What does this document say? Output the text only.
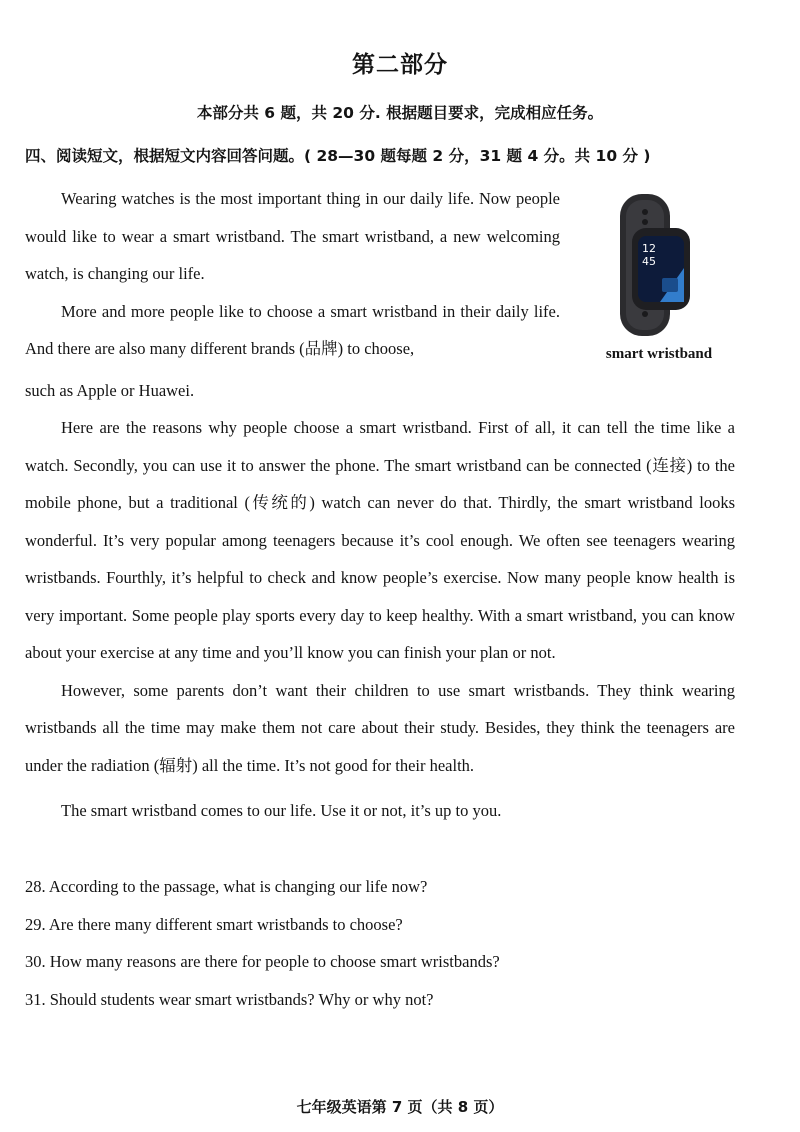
第二部分
本部分共 6 题，共 20 分. 根据题目要求，完成相应任务。
四、阅读短文，根据短文内容回答问题。( 28—30 题每题 2 分，31 题 4 分。共 10 分 )
12
45
smart wristband

Wearing watches is the most important thing in our daily life. Now people would like to wear a smart wristband. The smart wristband, a new welcoming watch, is changing our life.

More and more people like to choose a smart wristband in their daily life. And there are also many different brands (品牌) to choose,

such as Apple or Huawei.

Here are the reasons why people choose a smart wristband. First of all, it can tell the time like a watch. Secondly, you can use it to answer the phone. The smart wristband can be connected (连接) to the mobile phone, but a traditional (传统的) watch can never do that. Thirdly, the smart wristband looks wonderful. It’s very popular among teenagers because it’s cool enough. We often see teenagers wearing wristbands. Fourthly, it’s helpful to check and know people’s exercise. Now many people know health is very important. Some people play sports every day to keep healthy. With a smart wristband, you can know about your exercise at any time and you’ll know you can finish your plan or not.

However, some parents don’t want their children to use smart wristbands. They think wearing wristbands all the time may make them not care about their study. Besides, they think the teenagers are under the radiation (辐射) all the time. It’s not good for their health.

The smart wristband comes to our life. Use it or not, it’s up to you.

28. According to the passage, what is changing our life now?

29. Are there many different smart wristbands to choose?

30. How many reasons are there for people to choose smart wristbands?

31. Should students wear smart wristbands? Why or why not?

七年级英语第 7 页（共 8 页）
